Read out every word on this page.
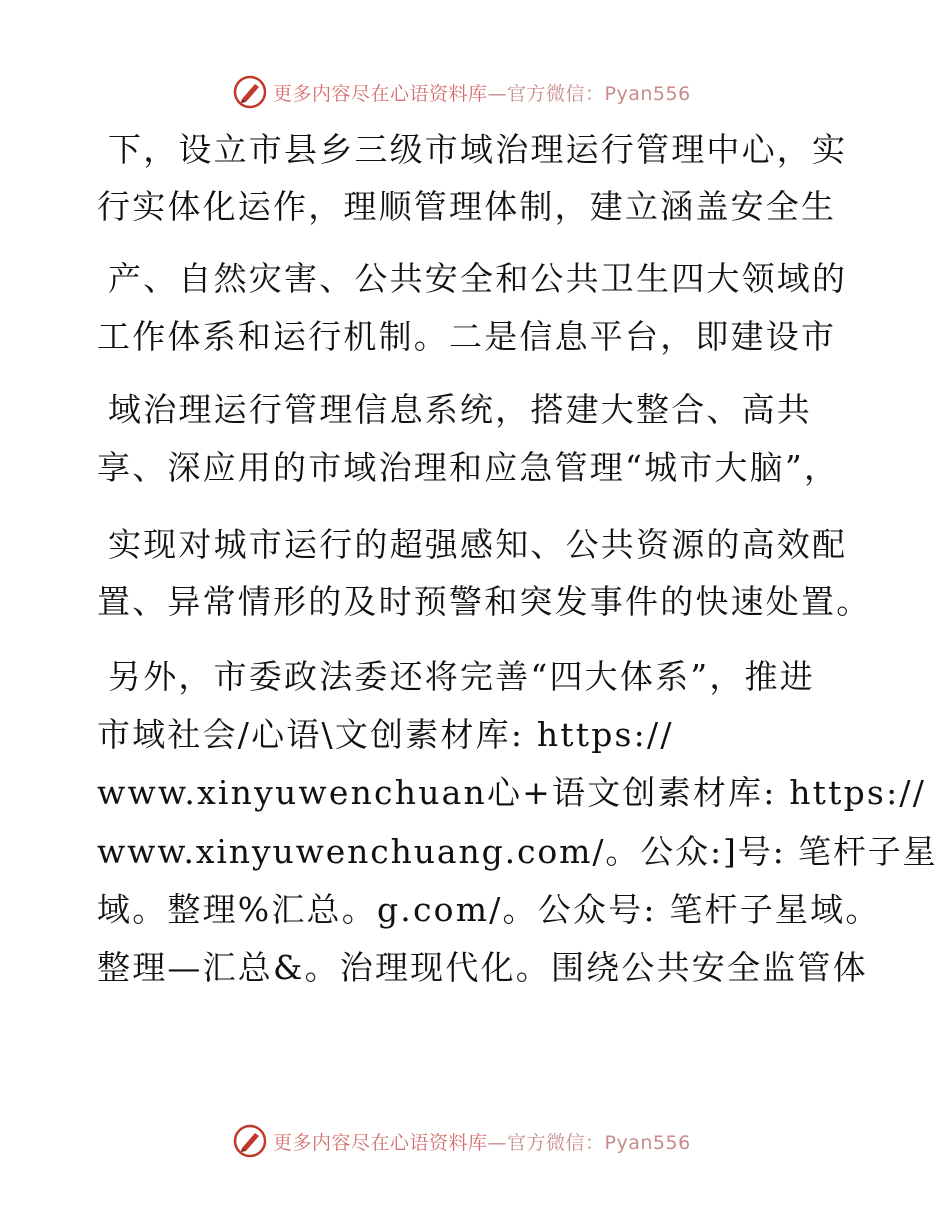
更多内容尽在心语资料库—官方微信：Pyan556
下，设立市县乡三级市域治理运行管理中心，实
行实体化运作，理顺管理体制，建立涵盖安全生
产、自然灾害、公共安全和公共卫生四大领域的
工作体系和运行机制。二是信息平台，即建设市
域治理运行管理信息系统，搭建大整合、高共
享、深应用的市域治理和应急管理“城市大脑”，
实现对城市运行的超强感知、公共资源的高效配
置、异常情形的及时预警和突发事件的快速处置。
另外，市委政法委还将完善“四大体系”，推进
市域社会/心语\文创素材库: https://
www.xinyuwenchuan心+语文创素材库: https://
www.xinyuwenchuang.com/。公众:]号: 笔杆子星
域。整理%汇总。g.com/。公众号: 笔杆子星域。
整理—汇总&。治理现代化。围绕公共安全监管体
更多内容尽在心语资料库—官方微信：Pyan556
